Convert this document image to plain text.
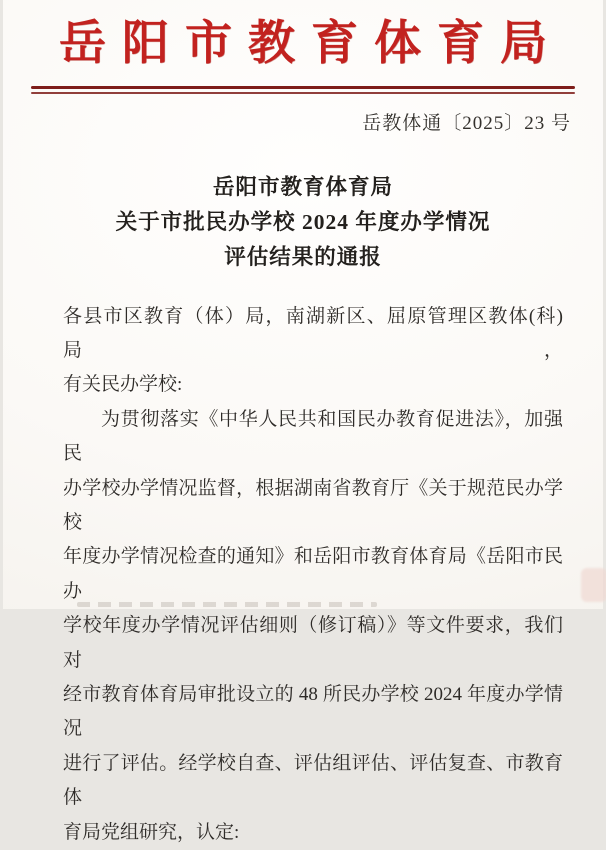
岳阳市教育体育局
岳教体通〔2025〕23 号
岳阳市教育体育局
关于市批民办学校 2024 年度办学情况
评估结果的通报
各县市区教育（体）局，南湖新区、屈原管理区教体(科)局，
有关民办学校:
为贯彻落实《中华人民共和国民办教育促进法》，加强民
办学校办学情况监督，根据湖南省教育厅《关于规范民办学校
年度办学情况检查的通知》和岳阳市教育体育局《岳阳市民办
学校年度办学情况评估细则（修订稿）》等文件要求，我们对
经市教育体育局审批设立的 48 所民办学校 2024 年度办学情况
进行了评估。经学校自查、评估组评估、评估复查、市教育体
育局党组研究，认定:
